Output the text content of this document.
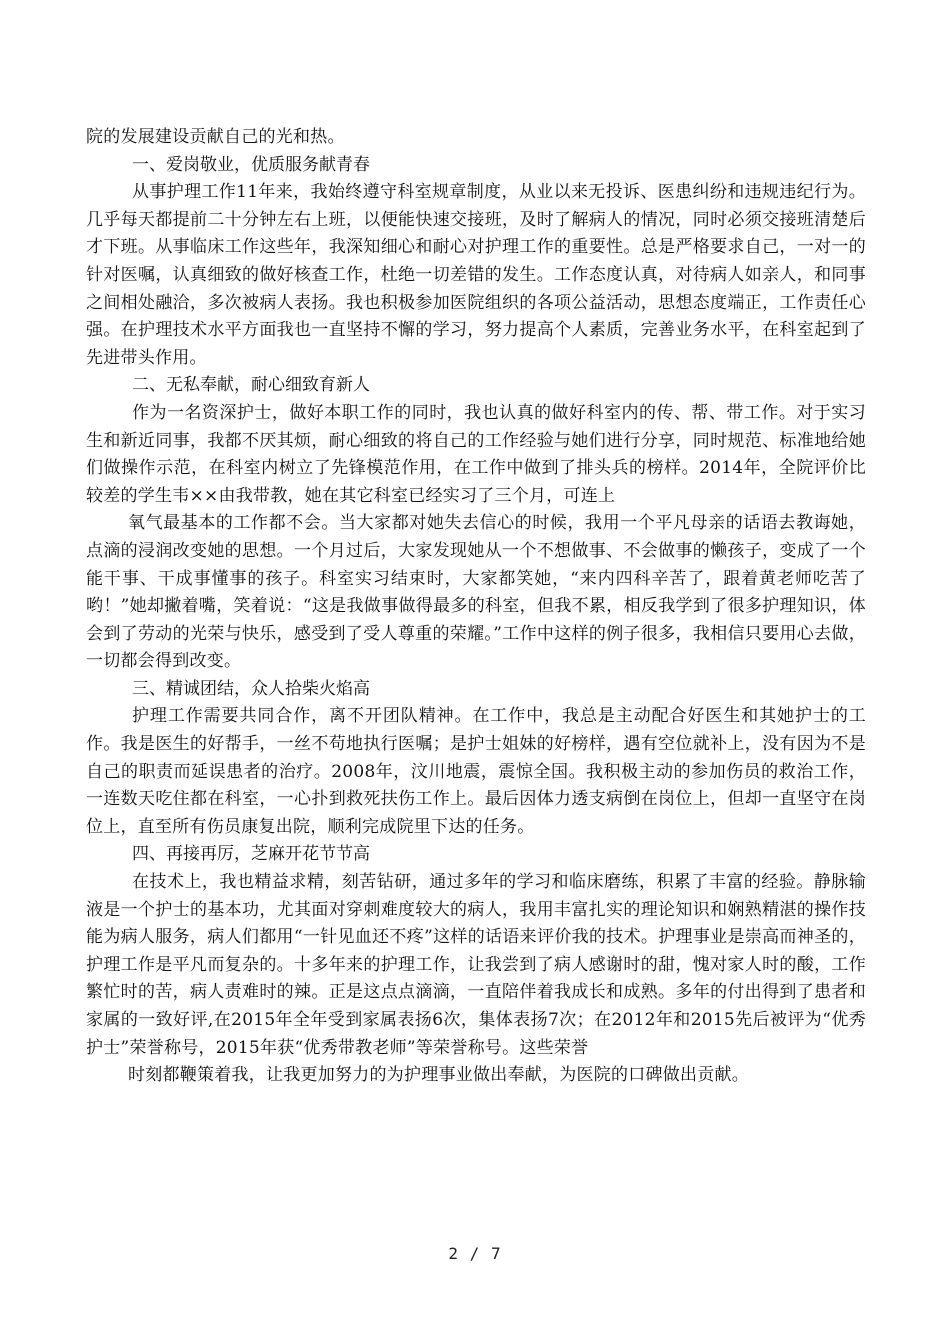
院的发展建设贡献自己的光和热。

一、爱岗敬业，优质服务献青春

从事护理工作11年来，我始终遵守科室规章制度，从业以来无投诉、医患纠纷和违规违纪行为。几乎每天都提前二十分钟左右上班，以便能快速交接班，及时了解病人的情况，同时必须交接班清楚后才下班。从事临床工作这些年，我深知细心和耐心对护理工作的重要性。总是严格要求自己，一对一的针对医嘱，认真细致的做好核查工作，杜绝一切差错的发生。工作态度认真，对待病人如亲人，和同事之间相处融洽，多次被病人表扬。我也积极参加医院组织的各项公益活动，思想态度端正，工作责任心强。在护理技术水平方面我也一直坚持不懈的学习，努力提高个人素质，完善业务水平，在科室起到了先进带头作用。

二、无私奉献，耐心细致育新人

作为一名资深护士，做好本职工作的同时，我也认真的做好科室内的传、帮、带工作。对于实习生和新近同事，我都不厌其烦，耐心细致的将自己的工作经验与她们进行分享，同时规范、标准地给她们做操作示范，在科室内树立了先锋模范作用，在工作中做到了排头兵的榜样。2014年，全院评价比较差的学生韦××由我带教，她在其它科室已经实习了三个月，可连上

氧气最基本的工作都不会。当大家都对她失去信心的时候，我用一个平凡母亲的话语去教诲她，点滴的浸润改变她的思想。一个月过后，大家发现她从一个不想做事、不会做事的懒孩子，变成了一个能干事、干成事懂事的孩子。科室实习结束时，大家都笑她，“来内四科辛苦了，跟着黄老师吃苦了哟！”她却撇着嘴，笑着说：“这是我做事做得最多的科室，但我不累，相反我学到了很多护理知识，体会到了劳动的光荣与快乐，感受到了受人尊重的荣耀。”工作中这样的例子很多，我相信只要用心去做，一切都会得到改变。

三、精诚团结，众人拾柴火焰高

护理工作需要共同合作，离不开团队精神。在工作中，我总是主动配合好医生和其她护士的工作。我是医生的好帮手，一丝不苟地执行医嘱；是护士姐妹的好榜样，遇有空位就补上，没有因为不是自己的职责而延误患者的治疗。2008年，汶川地震，震惊全国。我积极主动的参加伤员的救治工作，一连数天吃住都在科室，一心扑到救死扶伤工作上。最后因体力透支病倒在岗位上，但却一直坚守在岗位上，直至所有伤员康复出院，顺利完成院里下达的任务。

四、再接再厉，芝麻开花节节高

在技术上，我也精益求精，刻苦钻研，通过多年的学习和临床磨练，积累了丰富的经验。静脉输液是一个护士的基本功，尤其面对穿刺难度较大的病人，我用丰富扎实的理论知识和娴熟精湛的操作技能为病人服务，病人们都用“一针见血还不疼”这样的话语来评价我的技术。护理事业是崇高而神圣的，护理工作是平凡而复杂的。十多年来的护理工作，让我尝到了病人感谢时的甜，愧对家人时的酸，工作繁忙时的苦，病人责难时的辣。正是这点点滴滴，一直陪伴着我成长和成熟。多年的付出得到了患者和家属的一致好评,在2015年全年受到家属表扬6次，集体表扬7次；在2012年和2015先后被评为“优秀护士”荣誉称号，2015年获“优秀带教老师”等荣誉称号。这些荣誉

时刻都鞭策着我，让我更加努力的为护理事业做出奉献，为医院的口碑做出贡献。

2 / 7
